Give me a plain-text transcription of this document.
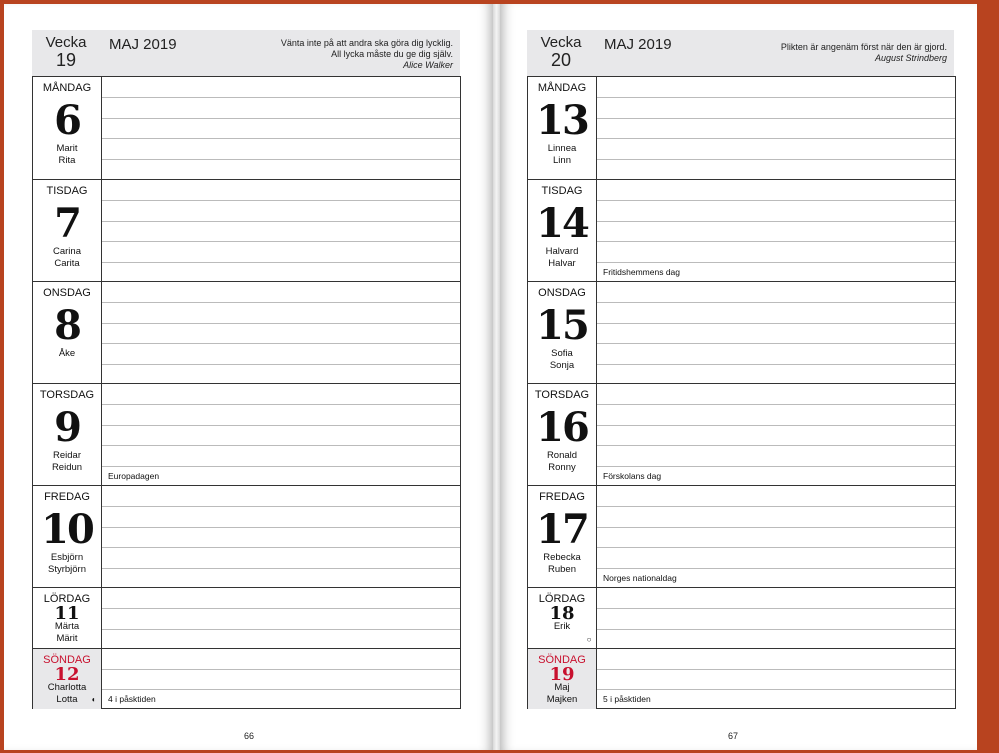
Vecka
19
MAJ 2019	Vänta inte på att andra ska göra dig lycklig.
All lycka måste du ge dig själv.
Alice Walker
MÅNDAG
6
Marit
Rita
TISDAG
7
Carina
Carita
ONSDAG
8
Åke
TORSDAG
9
Reidar
Reidun
Europadagen
FREDAG
10
Esbjörn
Styrbjörn
LÖRDAG
11
Märta
Märit
SÖNDAG
12
Charlotta
Lotta	◐ 4 i påsktiden
66
Vecka
20
MAJ 2019	Plikten är angenäm först när den är gjord.
August Strindberg
MÅNDAG
13
Linnea
Linn
TISDAG
14
Halvard
Halvar
Fritidshemmens dag
ONSDAG
15
Sofia
Sonja
TORSDAG
16
Ronald
Ronny
Förskolans dag
FREDAG
17
Rebecka
Ruben
Norges nationaldag
LÖRDAG
18
Erik
○
SÖNDAG
19
Maj
Majken	5 i påsktiden
67
